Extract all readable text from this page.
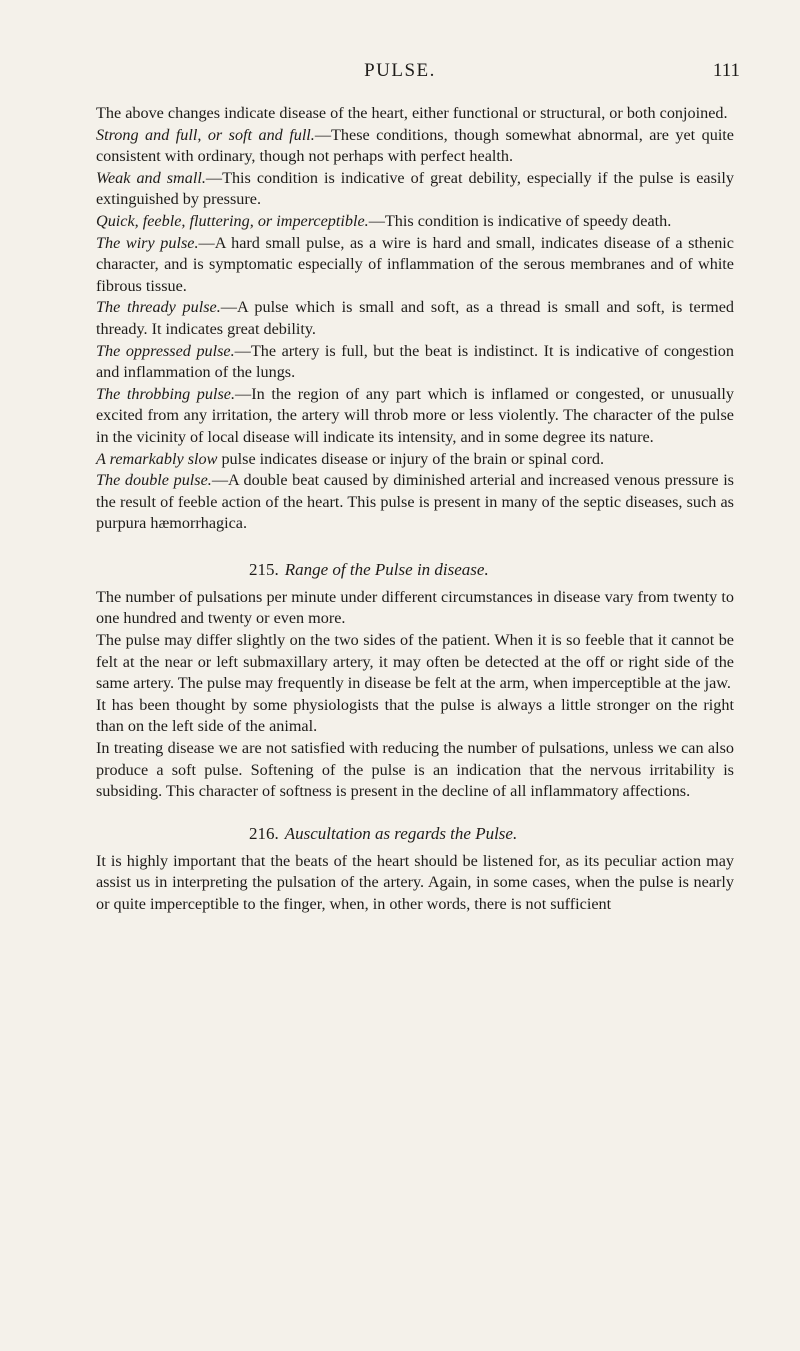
PULSE.	111

The above changes indicate disease of the heart, either functional or structural, or both conjoined.

Strong and full, or soft and full.—These conditions, though somewhat abnormal, are yet quite consistent with ordinary, though not perhaps with perfect health.

Weak and small.—This condition is indicative of great debility, especially if the pulse is easily extinguished by pressure.

Quick, feeble, fluttering, or imperceptible.—This condition is indicative of speedy death.

The wiry pulse.—A hard small pulse, as a wire is hard and small, indicates disease of a sthenic character, and is symptomatic especially of inflammation of the serous membranes and of white fibrous tissue.

The thready pulse.—A pulse which is small and soft, as a thread is small and soft, is termed thready. It indicates great debility.

The oppressed pulse.—The artery is full, but the beat is indistinct. It is indicative of congestion and inflammation of the lungs.

The throbbing pulse.—In the region of any part which is inflamed or congested, or unusually excited from any irritation, the artery will throb more or less violently. The character of the pulse in the vicinity of local disease will indicate its intensity, and in some degree its nature.

A remarkably slow pulse indicates disease or injury of the brain or spinal cord.

The double pulse.—A double beat caused by diminished arterial and increased venous pressure is the result of feeble action of the heart. This pulse is present in many of the septic diseases, such as purpura hæmorrhagica.

215. Range of the Pulse in disease.

The number of pulsations per minute under different circumstances in disease vary from twenty to one hundred and twenty or even more.

The pulse may differ slightly on the two sides of the patient. When it is so feeble that it cannot be felt at the near or left submaxillary artery, it may often be detected at the off or right side of the same artery. The pulse may frequently in disease be felt at the arm, when imperceptible at the jaw.

It has been thought by some physiologists that the pulse is always a little stronger on the right than on the left side of the animal.

In treating disease we are not satisfied with reducing the number of pulsations, unless we can also produce a soft pulse. Softening of the pulse is an indication that the nervous irritability is subsiding. This character of softness is present in the decline of all inflammatory affections.

216. Auscultation as regards the Pulse.

It is highly important that the beats of the heart should be listened for, as its peculiar action may assist us in interpreting the pulsation of the artery. Again, in some cases, when the pulse is nearly or quite imperceptible to the finger, when, in other words, there is not sufficient
